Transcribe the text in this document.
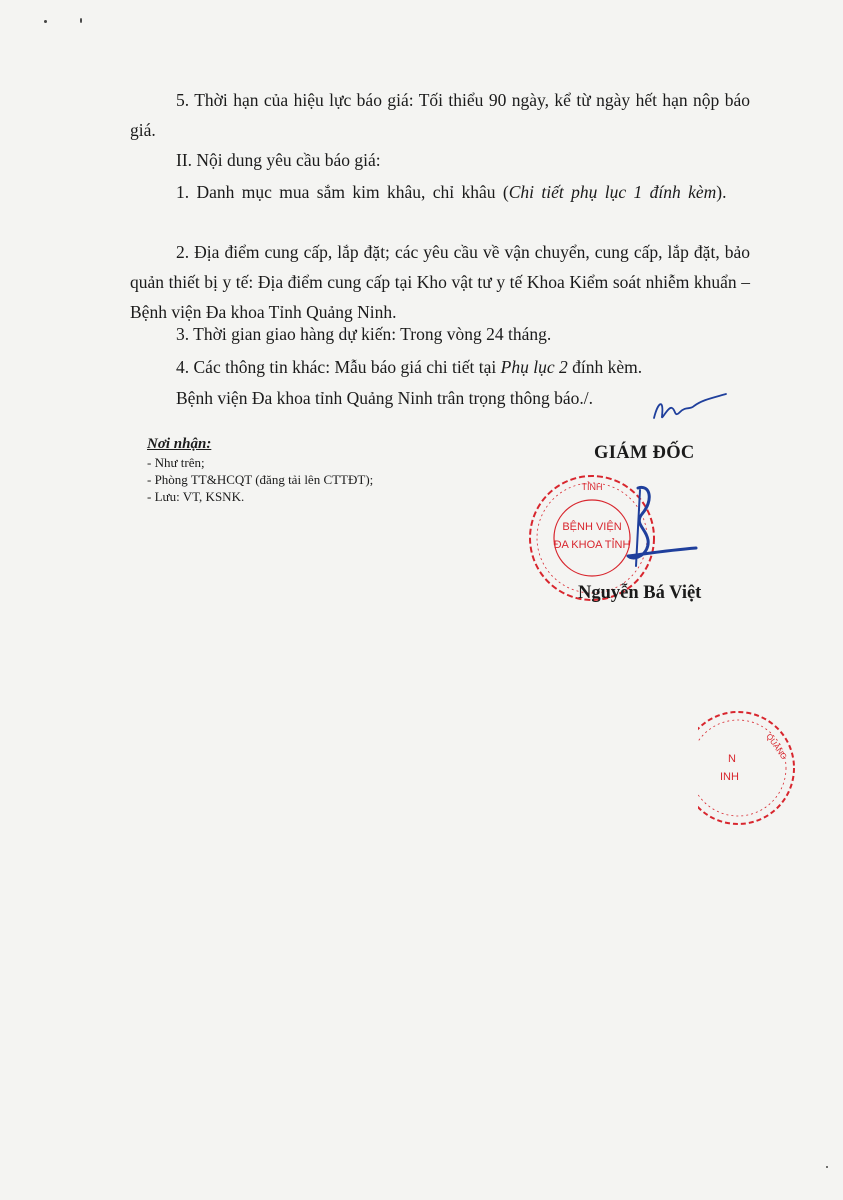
5. Thời hạn của hiệu lực báo giá: Tối thiểu 90 ngày, kể từ ngày hết hạn nộp báo giá.

II. Nội dung yêu cầu báo giá:

1. Danh mục mua sắm kim khâu, chỉ khâu (Chi tiết phụ lục 1 đính kèm).

2. Địa điểm cung cấp, lắp đặt; các yêu cầu về vận chuyển, cung cấp, lắp đặt, bảo quản thiết bị y tế: Địa điểm cung cấp tại Kho vật tư y tế Khoa Kiểm soát nhiễm khuẩn – Bệnh viện Đa khoa Tỉnh Quảng Ninh.

3. Thời gian giao hàng dự kiến: Trong vòng 24 tháng.

4. Các thông tin khác: Mẫu báo giá chi tiết tại Phụ lục 2 đính kèm.

Bệnh viện Đa khoa tỉnh Quảng Ninh trân trọng thông báo./.

Nơi nhận:
- Như trên;
- Phòng TT&HCQT (đăng tải lên CTTĐT);
- Lưu: VT, KSNK.
GIÁM ĐỐC
TỈNH
BỆNH VIỆN
ĐA KHOA TỈNH
Nguyễn Bá Việt
QUẢNG
N
INH
